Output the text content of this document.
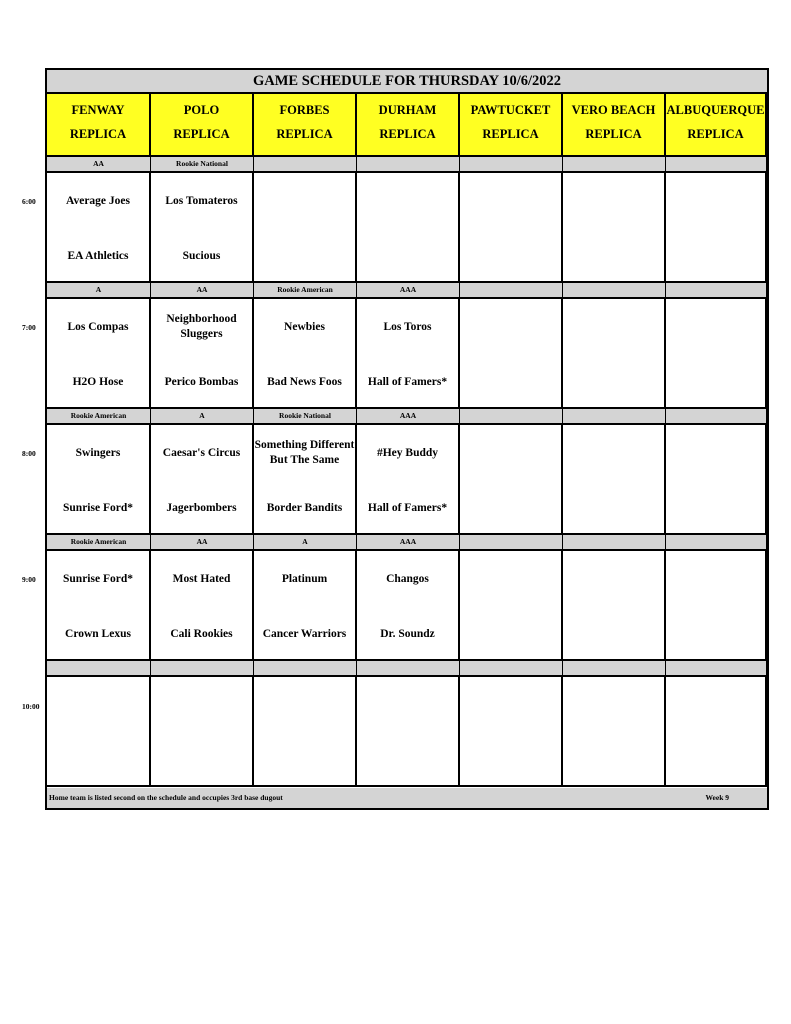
6:00
7:00
8:00
9:00
10:00
GAME SCHEDULE FOR THURSDAY 10/6/2022
FENWAY
REPLICA
POLO
REPLICA
FORBES
REPLICA
DURHAM
REPLICA
PAWTUCKET
REPLICA
VERO BEACH
REPLICA
ALBUQUERQUE
REPLICA
AA
Average Joes
EA Athletics
Rookie National
Los Tomateros
Sucious
A
Los Compas
H2O Hose
AA
Neighborhood Sluggers
Perico Bombas
Rookie American
Newbies
Bad News Foos
AAA
Los Toros
Hall of Famers*
Rookie American
Swingers
Sunrise Ford*
A
Caesar's Circus
Jagerbombers
Rookie National
Something Different But The Same
Border Bandits
AAA
#Hey Buddy
Hall of Famers*
Rookie American
Sunrise Ford*
Crown Lexus
AA
Most Hated
Cali Rookies
A
Platinum
Cancer Warriors
AAA
Changos
Dr. Soundz
Home team is listed second on the schedule and occupies 3rd base dugout	Week 9
